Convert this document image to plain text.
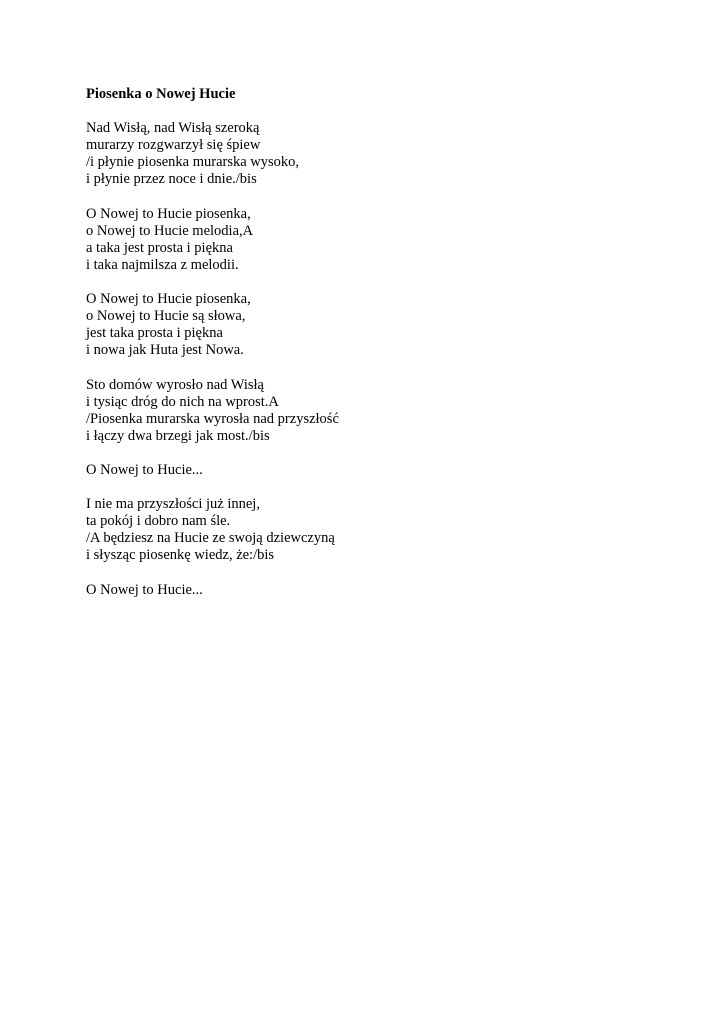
Piosenka o Nowej Hucie
Nad Wisłą, nad Wisłą szeroką
murarzy rozgwarzył się śpiew
/i płynie piosenka murarska wysoko,
i płynie przez noce i dnie./bis
O Nowej to Hucie piosenka,
o Nowej to Hucie melodia,A
a taka jest prosta i piękna
i taka najmilsza z melodii.
O Nowej to Hucie piosenka,
o Nowej to Hucie są słowa,
jest taka prosta i piękna
i nowa jak Huta jest Nowa.
Sto domów wyrosło nad Wisłą
i tysiąc dróg do nich na wprost.A
/Piosenka murarska wyrosła nad przyszłość
i łączy dwa brzegi jak most./bis
O Nowej to Hucie...
I nie ma przyszłości już innej,
ta pokój i dobro nam śle.
/A będziesz na Hucie ze swoją dziewczyną
i słysząc piosenkę wiedz, że:/bis
O Nowej to Hucie...
